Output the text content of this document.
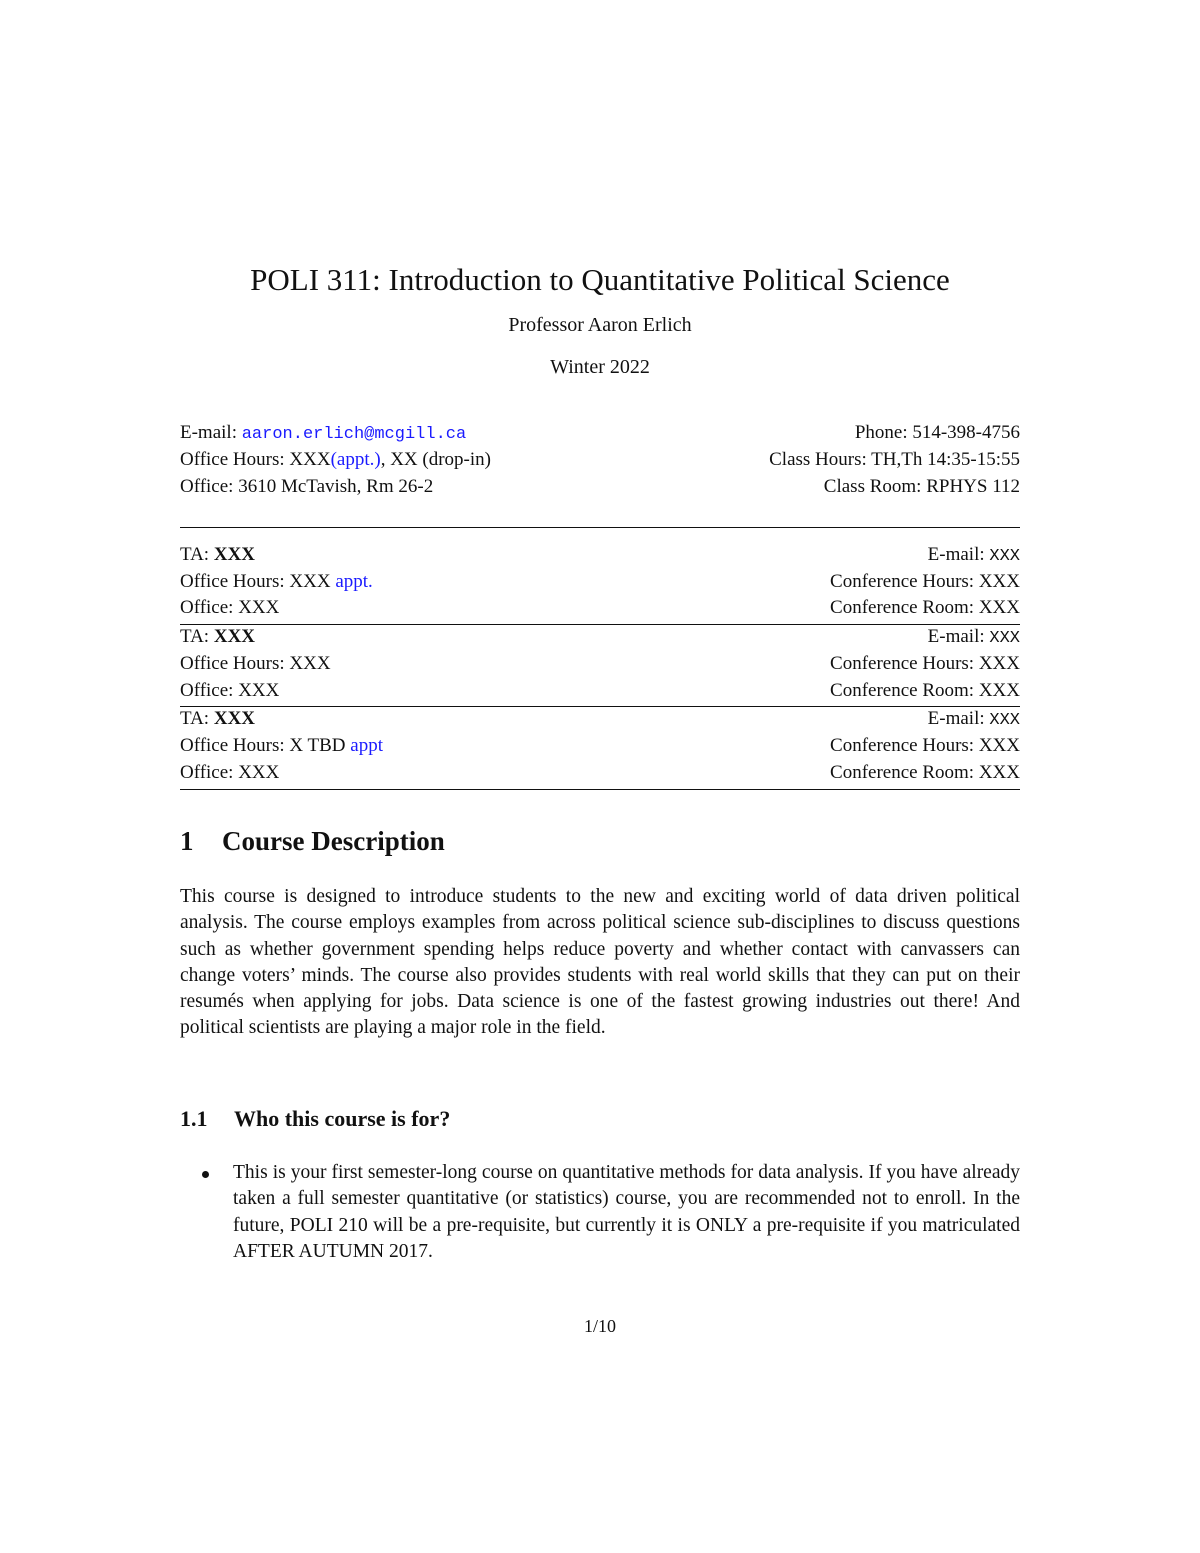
POLI 311: Introduction to Quantitative Political Science
Professor Aaron Erlich
Winter 2022
E-mail: aaron.erlich@mcgill.ca	Phone: 514-398-4756
Office Hours: XXX(appt.), XX (drop-in)	Class Hours: TH,Th 14:35-15:55
Office: 3610 McTavish, Rm 26-2	Class Room: RPHYS 112
TA: XXX	E-mail: XXX
Office Hours: XXX appt.	Conference Hours: XXX
Office: XXX	Conference Room: XXX
TA: XXX	E-mail: XXX
Office Hours: XXX	Conference Hours: XXX
Office: XXX	Conference Room: XXX
TA: XXX	E-mail: XXX
Office Hours: X TBD appt	Conference Hours: XXX
Office: XXX	Conference Room: XXX
1 Course Description
This course is designed to introduce students to the new and exciting world of data driven political analysis. The course employs examples from across political science sub-disciplines to discuss questions such as whether government spending helps reduce poverty and whether contact with canvassers can change voters’ minds. The course also provides students with real world skills that they can put on their resumés when applying for jobs. Data science is one of the fastest growing industries out there! And political scientists are playing a major role in the field.
1.1 Who this course is for?
This is your first semester-long course on quantitative methods for data analysis. If you have already taken a full semester quantitative (or statistics) course, you are recommended not to enroll. In the future, POLI 210 will be a pre-requisite, but currently it is ONLY a pre-requisite if you matriculated AFTER AUTUMN 2017.
1/10
